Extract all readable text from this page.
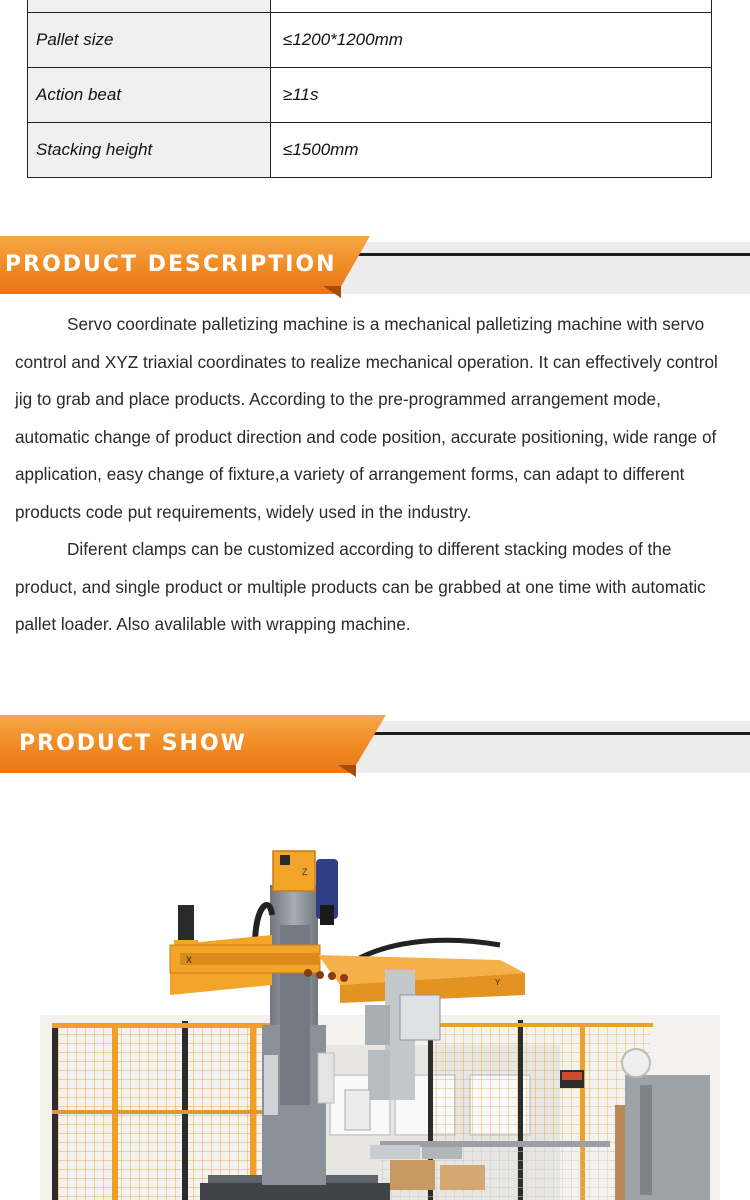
Pallet size	≤1200*1200mm
Action beat	≥11s
Stacking height	≤1500mm
PRODUCT DESCRIPTION

Servo coordinate palletizing machine is a mechanical palletizing machine with servo control and XYZ triaxial coordinates to realize mechanical operation. It can effectively control jig to grab and place products. According to the pre-programmed arrangement mode, automatic change of product direction and code position, accurate positioning, wide range of application, easy change of fixture,a variety of arrangement forms, can adapt to different products code put requirements, widely used in the industry.

Diferent clamps can be customized according to different stacking modes of the product, and single product or multiple products can be grabbed at one time with automatic pallet loader. Also avalilable with wrapping machine.

PRODUCT SHOW
Z
X
Y
